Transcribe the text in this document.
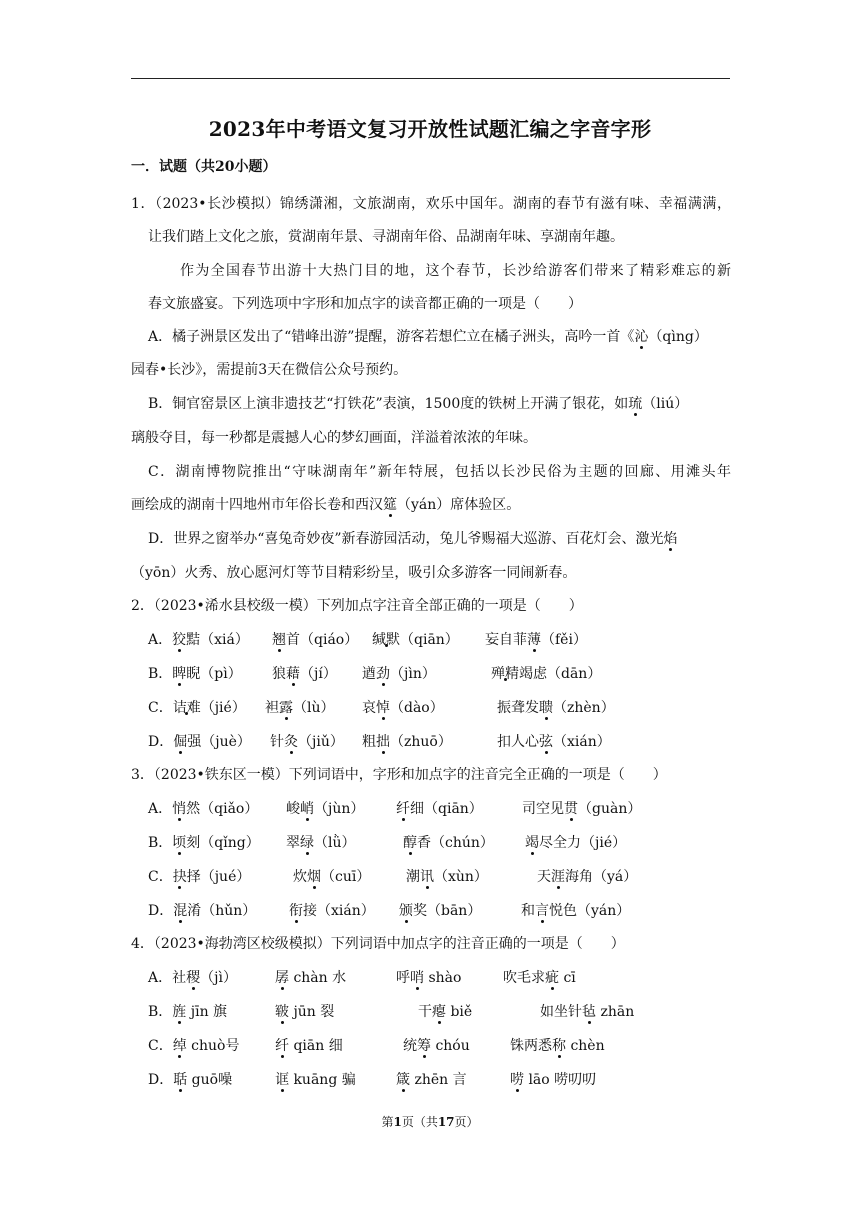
2023年中考语文复习开放性试题汇编之字音字形
一．试题（共20小题）
1．（2023•长沙模拟）锦绣潇湘，文旅湖南，欢乐中国年。湖南的春节有滋有味、幸福满满，
让我们踏上文化之旅，赏湖南年景、寻湖南年俗、品湖南年味、享湖南年趣。
作为全国春节出游十大热门目的地，这个春节，长沙给游客们带来了精彩难忘的新
春文旅盛宴。下列选项中字形和加点字的读音都正确的一项是（　　）
A．橘子洲景区发出了“错峰出游”提醒，游客若想伫立在橘子洲头，高吟一首《沁（qìng）
园春•长沙》，需提前3天在微信公众号预约。
B．铜官窑景区上演非遗技艺“打铁花”表演，1500度的铁树上开满了银花，如琉（liú）
璃般夺目，每一秒都是震撼人心的梦幻画面，洋溢着浓浓的年味。
C．湖南博物院推出“守味湖南年”新年特展，包括以长沙民俗为主题的回廊、用滩头年
画绘成的湖南十四地州市年俗长卷和西汉筵（yán）席体验区。
D．世界之窗举办“喜兔奇妙夜”新春游园活动，兔儿爷赐福大巡游、百花灯会、激光焰
（yōn）火秀、放心愿河灯等节目精彩纷呈，吸引众多游客一同闹新春。
2．（2023•浠水县校级一模）下列加点字注音全部正确的一项是（　　）
A．狡黠（xiá） 翘首（qiáo） 缄默（qiān） 妄自菲薄（fěi）
B．睥睨（pì） 狼藉（jí） 遒劲（jìn）	殚精竭虑（dān）
C．诘难（jié） 袒露（lù） 哀悼（dào）	振聋发聩（zhèn）
D．倔强（juè） 针灸（jiǔ） 粗拙（zhuō）	扣人心弦（xián）
3．（2023•铁东区一模）下列词语中，字形和加点字的注音完全正确的一项是（　　）
A．悄然（qiǎo） 峻峭（jùn） 纤细（qiān）	司空见贯（guàn）
B．顷刻（qǐng） 翠绿（lǜ）	醇香（chún） 竭尽全力（jié）
C．抉择（jué）	炊烟（cuī）	潮讯（xùn）	天涯海角（yá）
D．混淆（hǔn） 衔接（xián） 颁奖（bān）	和言悦色（yán）
4．（2023•海勃湾区校级模拟）下列词语中加点字的注音正确的一项是（　　）
A．社稷（jì）	孱 chàn 水	呼哨 shào	吹毛求疵 cī
B．旌 jīn 旗	皲 jūn 裂	干瘪 biě	如坐针毡 zhān
C．绰 chuò号	纤 qiān 细	统筹 chóu	铢两悉称 chèn
D．聒 guō噪	诓 kuāng 骗	箴 zhēn 言	唠 lāo 唠叨叨
第1页（共17页）
